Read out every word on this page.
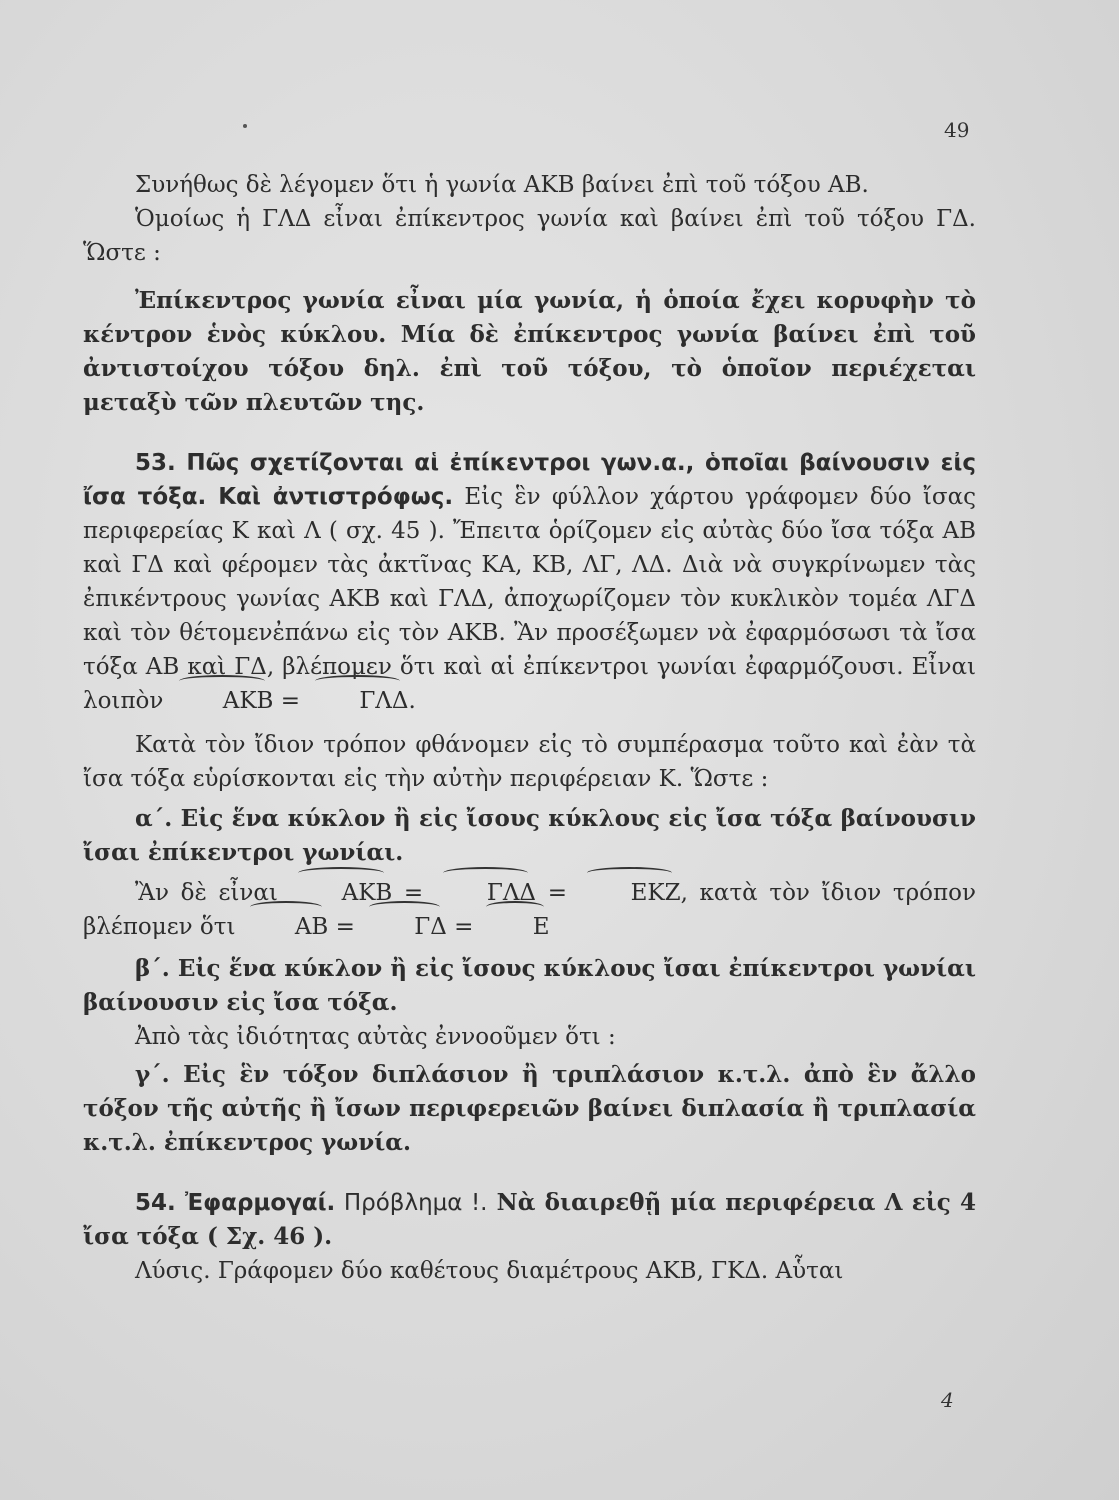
49

Συνήθως δὲ λέγομεν ὅτι ἡ γωνία ΑΚΒ βαίνει ἐπὶ τοῦ τόξου ΑΒ.

Ὁμοίως ἡ ΓΛΔ εἶναι ἐπίκεντρος γωνία καὶ βαίνει ἐπὶ τοῦ τόξου ΓΔ. Ὥστε :

Ἐπίκεντρος γωνία εἶναι μία γωνία, ἡ ὁποία ἔχει κορυφὴν τὸ κέντρον ἑνὸς κύκλου. Μία δὲ ἐπίκεντρος γωνία βαίνει ἐπὶ τοῦ ἀντιστοίχου τόξου δηλ. ἐπὶ τοῦ τόξου, τὸ ὁποῖον περιέχεται μεταξὺ τῶν πλευτῶν της.

53. Πῶς σχετίζονται αἱ ἐπίκεντροι γων.α., ὁποῖαι βαίνουσιν εἰς ἴσα τόξα. Καὶ ἀντιστρόφως. Εἰς ἓν φύλλον χάρτου γράφομεν δύο ἴσας περιφερείας Κ καὶ Λ ( σχ. 45 ). Ἔπειτα ὁρίζομεν εἰς αὐτὰς δύο ἴσα τόξα ΑΒ καὶ ΓΔ καὶ φέρομεν τὰς ἀκτῖνας ΚΑ, ΚΒ, ΛΓ, ΛΔ. Διὰ νὰ συγκρίνωμεν τὰς ἐπικέντρους γωνίας ΑΚΒ καὶ ΓΛΔ, ἀποχωρίζομεν τὸν κυκλικὸν τομέα ΛΓΔ καὶ τὸν θέτομενἐπάνω εἰς τὸν ΑΚΒ. Ἂν προσέξωμεν νὰ ἐφαρμόσωσι τὰ ἴσα τόξα ΑΒ καὶ ΓΔ, βλέπομεν ὅτι καὶ αἱ ἐπίκεντροι γωνίαι ἐφαρμόζουσι. Εἶναι λοιπὸν	ΑΚΒ = ΓΛΔ.

Κατὰ τὸν ἴδιον τρόπον φθάνομεν εἰς τὸ συμπέρασμα τοῦτο καὶ ἐὰν τὰ ἴσα τόξα εὑρίσκονται εἰς τὴν αὐτὴν περιφέρειαν Κ. Ὥστε :

α΄. Εἰς ἕνα κύκλον ἢ εἰς ἴσους κύκλους εἰς ἴσα τόξα βαίνουσιν ἴσαι ἐπίκεντροι γωνίαι.

Ἂν δὲ εἶναι ΑΚΒ = ΓΛΔ = ΕΚΖ, κατὰ τὸν ἴδιον τρόπον βλέπομεν ὅτι ΑΒ = ΓΔ = Ε

β΄. Εἰς ἕνα κύκλον ἢ εἰς ἴσους κύκλους ἴσαι ἐπίκεντροι γωνίαι βαίνουσιν εἰς ἴσα τόξα.

Ἀπὸ τὰς ἰδιότητας αὐτὰς ἐννοοῦμεν ὅτι :

γ΄. Εἰς ἓν τόξον διπλάσιον ἢ τριπλάσιον κ.τ.λ. ἀπὸ ἓν ἄλλο τόξον τῆς αὐτῆς ἢ ἴσων περιφερειῶν βαίνει διπλασία ἢ τριπλασία κ.τ.λ. ἐπίκεντρος γωνία.

54. Ἐφαρμογαί. Πρόβλημα !. Νὰ διαιρεθῇ μία περιφέρεια Λ εἰς 4 ἴσα τόξα ( Σχ. 46 ).

Λύσις. Γράφομεν δύο καθέτους διαμέτρους ΑΚΒ, ΓΚΔ. Αὗται

4
